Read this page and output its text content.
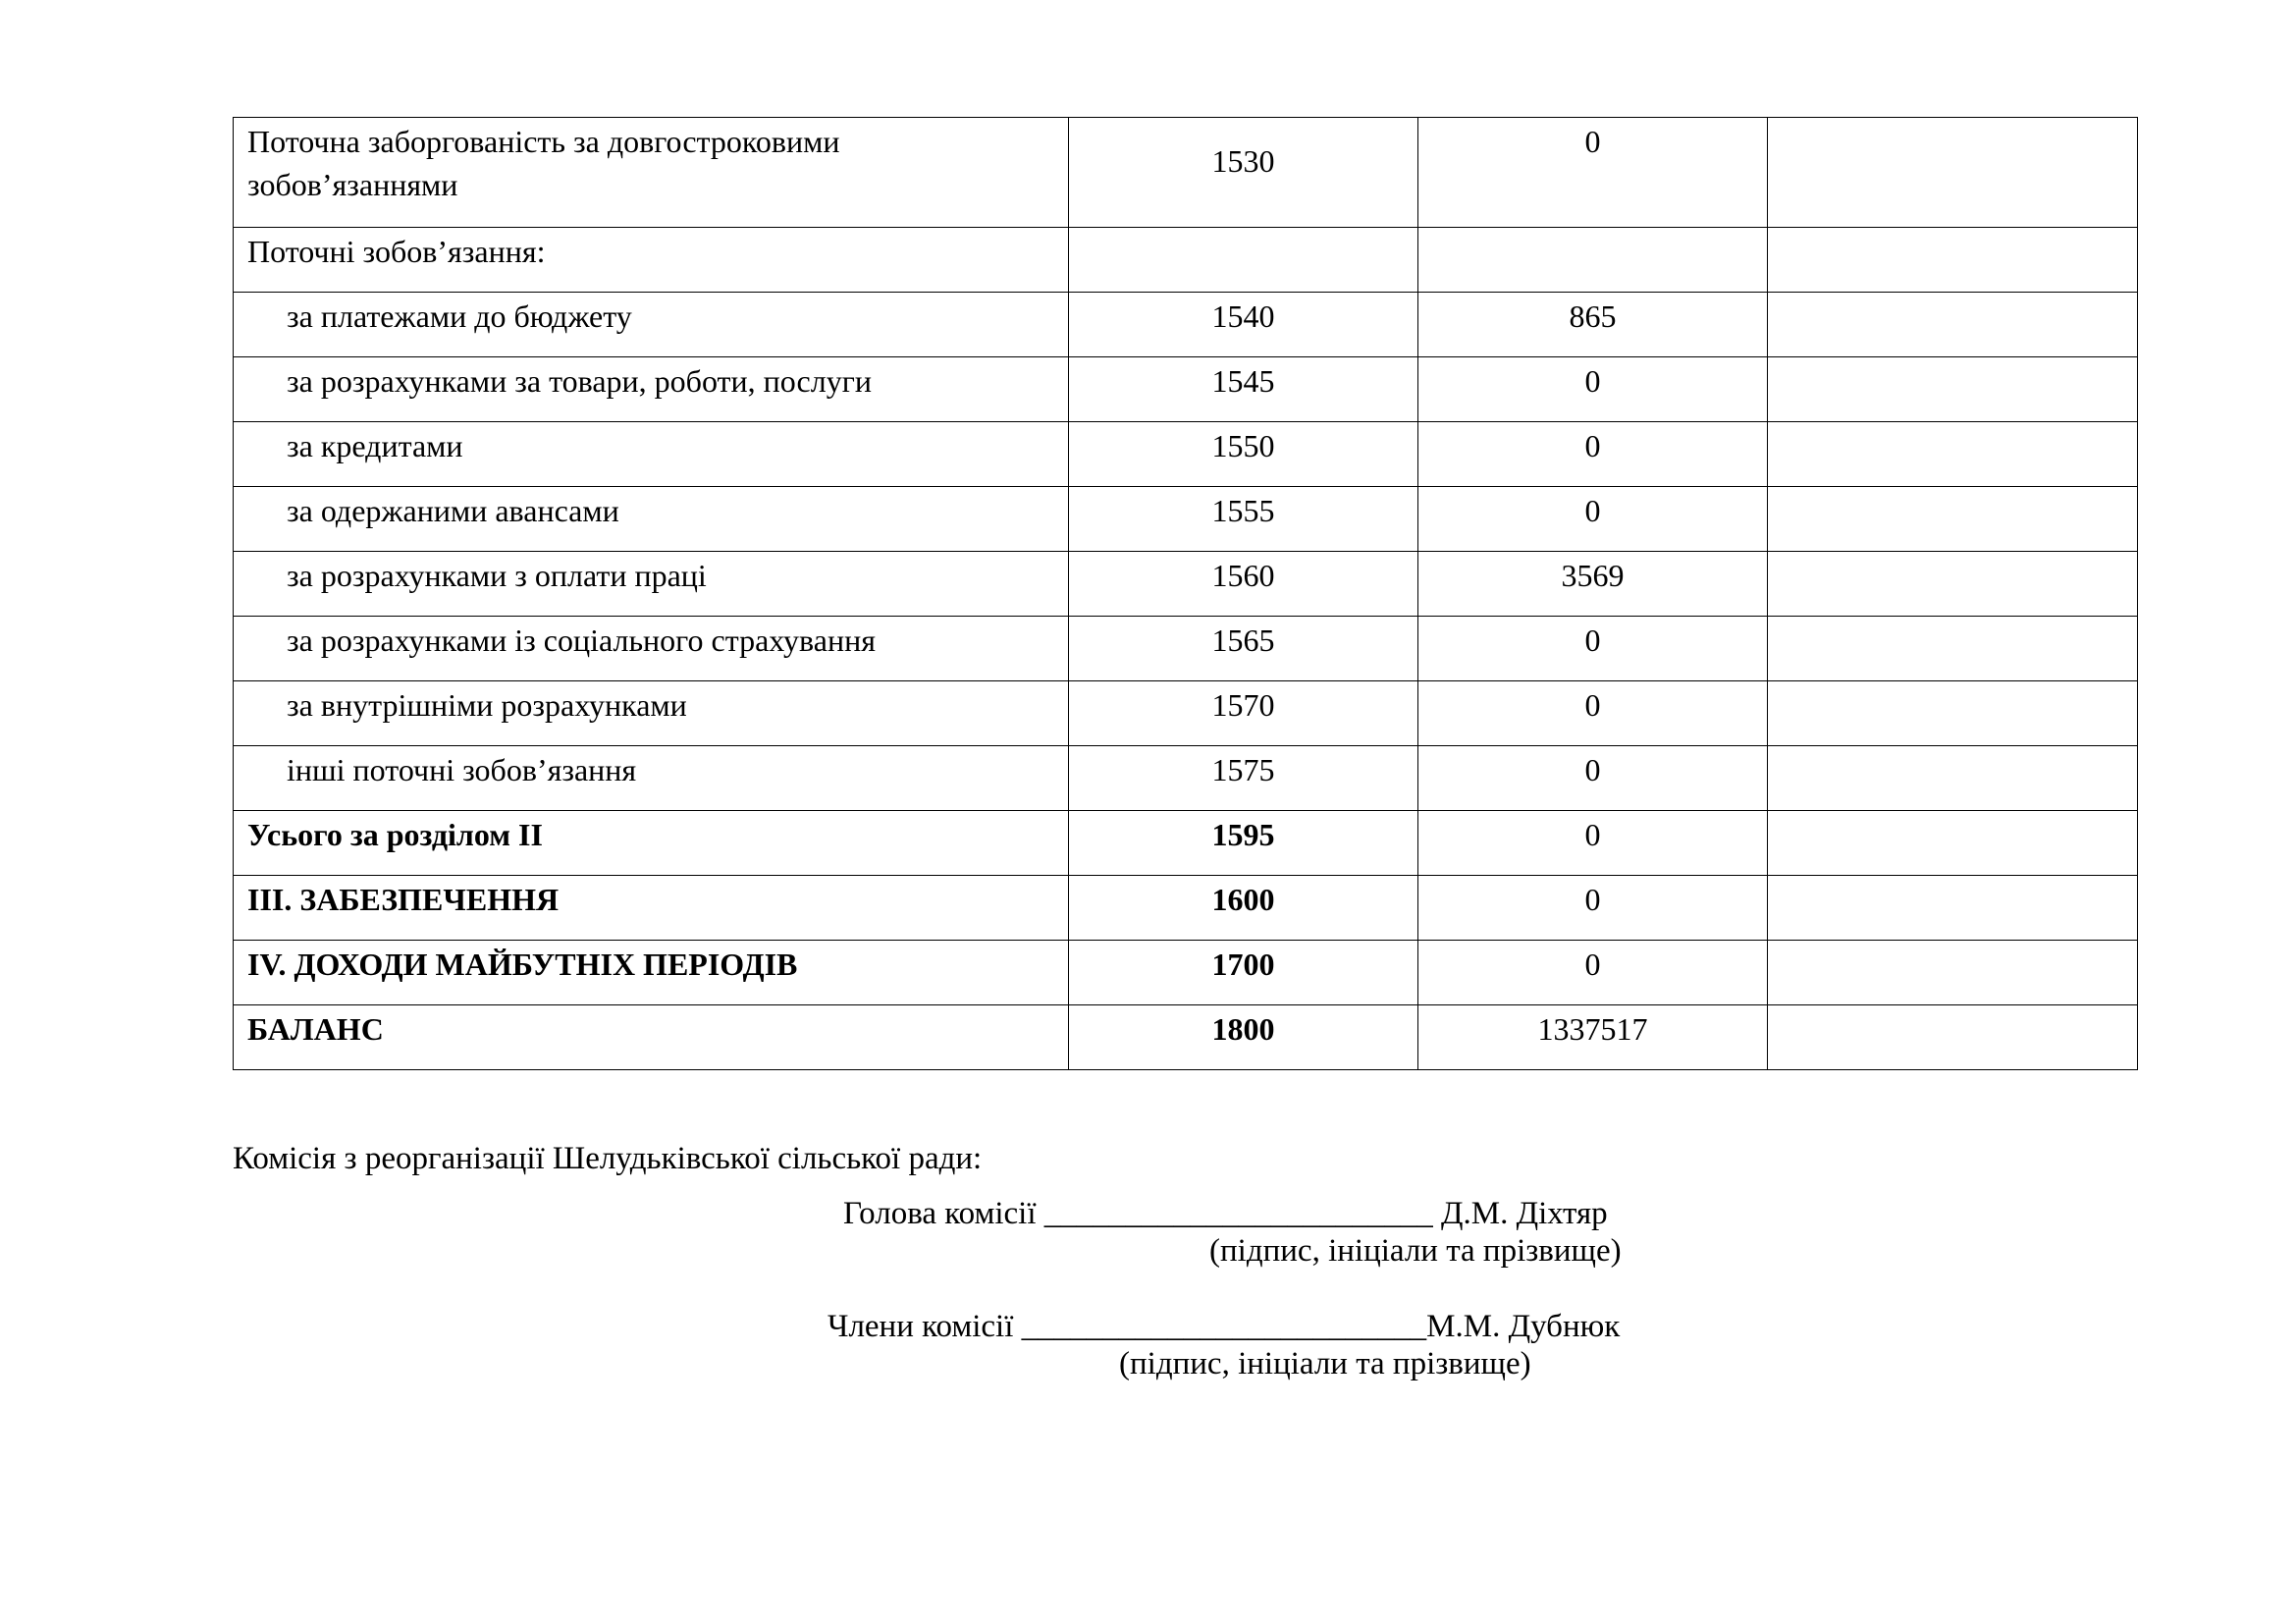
Поточна заборгованість за довгостроковими зобов’язаннями	1530	0	
Поточні зобов’язання:			
за платежами до бюджету	1540	865	
за розрахунками за товари, роботи, послуги	1545	0	
за кредитами	1550	0	
за одержаними авансами	1555	0	
за розрахунками з оплати праці	1560	3569	
за розрахунками із соціального страхування	1565	0	
за внутрішніми розрахунками	1570	0	
інші поточні зобов’язання	1575	0	
Усього за розділом II	1595	0	
III. ЗАБЕЗПЕЧЕННЯ	1600	0	
IV. ДОХОДИ МАЙБУТНІХ ПЕРІОДІВ	1700	0	
БАЛАНС	1800	1337517	
Комісія з реорганізації Шелудьківської сільської ради:
Голова комісії ________________________ Д.М. Діхтяр
(підпис, ініціали та прізвище)
Члени комісії _________________________М.М. Дубнюк
(підпис, ініціали та прізвище)
